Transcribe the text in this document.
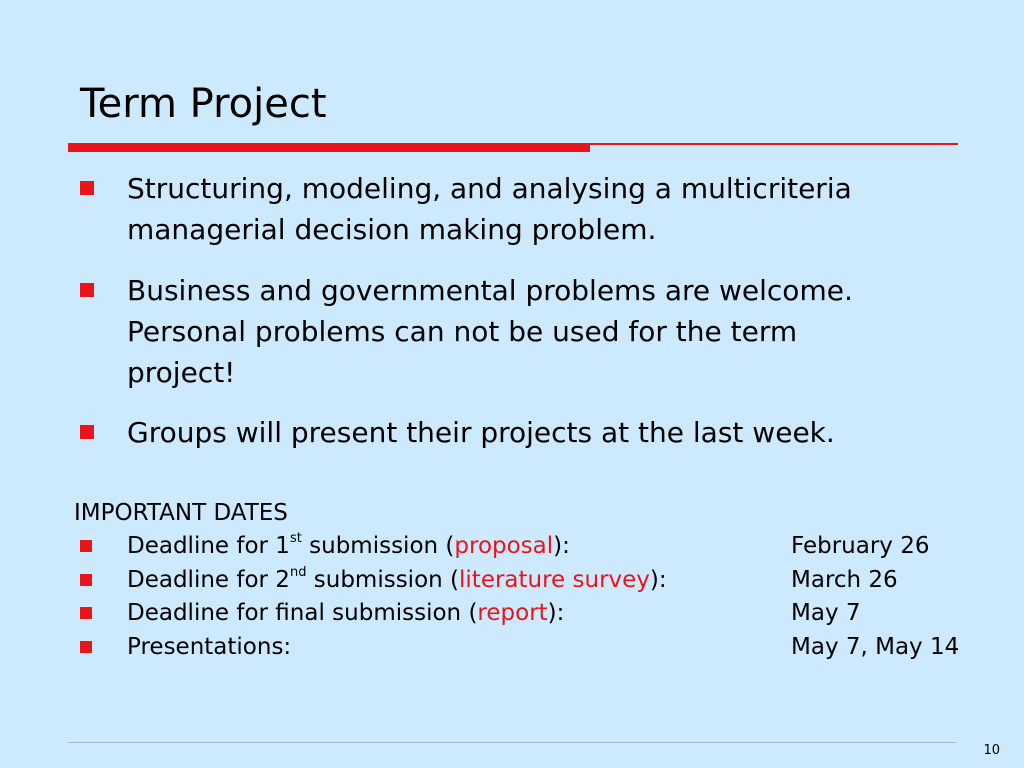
Term Project
Structuring, modeling, and analysing a multicriteria
managerial decision making problem.
Business and governmental problems are welcome.
Personal problems can not be used for the term
project!
Groups will present their projects at the last week.
IMPORTANT DATES
Deadline for 1st submission (proposal):	February 26
Deadline for 2nd submission (literature survey):	March 26
Deadline for final submission (report):	May 7
Presentations:	May 7, May 14
10
